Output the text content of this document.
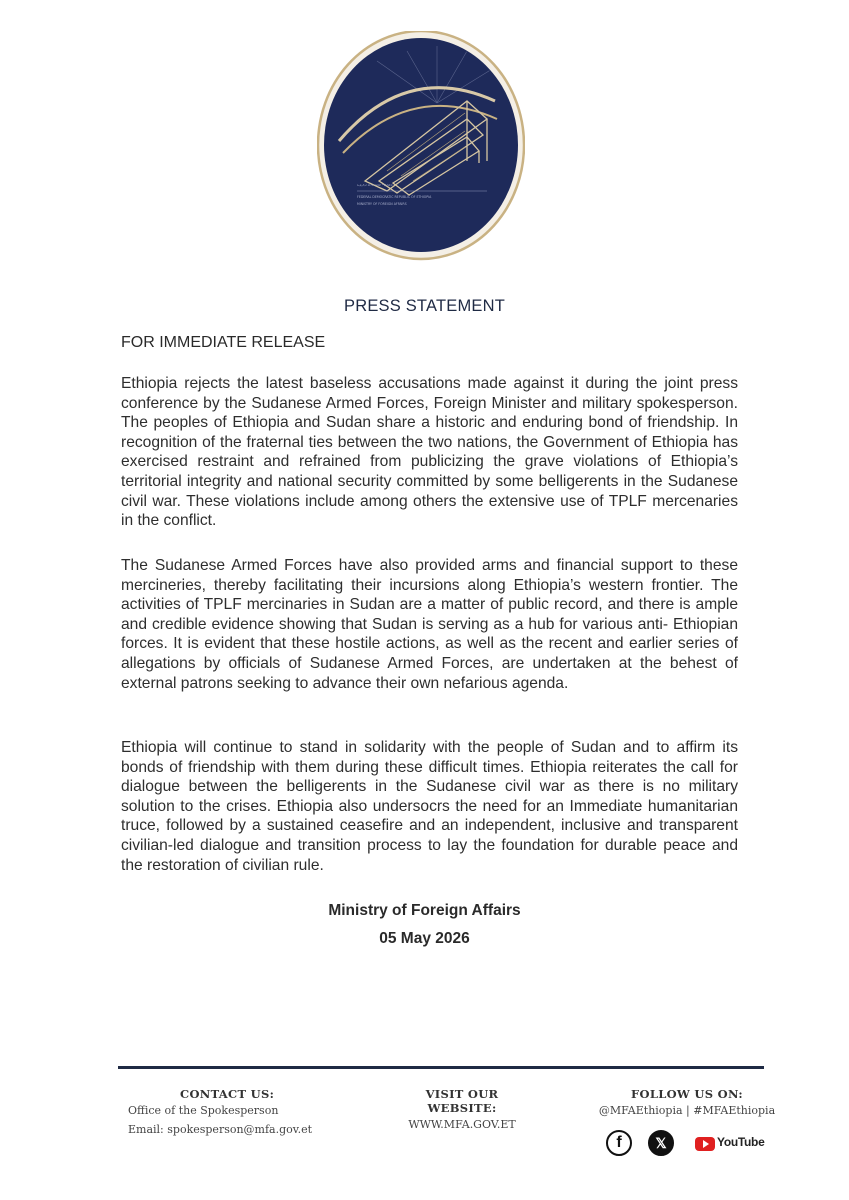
ኢፌዲሪ ውጭ ጉዳይ ሚኒስቴር
FEDERAL DEMOCRATIC REPUBLIC OF ETHIOPIA
MINISTRY OF FOREIGN AFFAIRS
PRESS STATEMENT
FOR IMMEDIATE RELEASE

Ethiopia rejects the latest baseless accusations made against it during the joint press conference by the Sudanese Armed Forces, Foreign Minister and military spokesperson. The peoples of Ethiopia and Sudan share a historic and enduring bond of friendship. In recognition of the fraternal ties between the two nations, the Government of Ethiopia has exercised restraint and refrained from publicizing the grave violations of Ethiopia’s territorial integrity and national security committed by some belligerents in the Sudanese civil war. These violations include among others the extensive use of TPLF mercenaries in the conflict.

The Sudanese Armed Forces have also provided arms and financial support to these mercineries, thereby facilitating their incursions along Ethiopia’s western frontier. The activities of TPLF mercinaries in Sudan are a matter of public record, and there is ample and credible evidence showing that Sudan is serving as a hub for various anti- Ethiopian forces. It is evident that these hostile actions, as well as the recent and earlier series of allegations by officials of Sudanese Armed Forces, are undertaken at the behest of external patrons seeking to advance their own nefarious agenda.

Ethiopia will continue to stand in solidarity with the people of Sudan and to affirm its bonds of friendship with them during these difficult times. Ethiopia reiterates the call for dialogue between the belligerents in the Sudanese civil war as there is no military solution to the crises. Ethiopia also undersocrs the need for an Immediate humanitarian truce, followed by a sustained ceasefire and an independent, inclusive and transparent civilian-led dialogue and transition process to lay the foundation for durable peace and the restoration of civilian rule.

Ministry of Foreign Affairs
05 May 2026
CONTACT US:
Office of the Spokesperson
Email: spokesperson@mfa.gov.et
VISIT OUR WEBSITE:
WWW.MFA.GOV.ET
FOLLOW US ON:
@MFAEthiopia | #MFAEthiopia
f	𝕏	YouTube
